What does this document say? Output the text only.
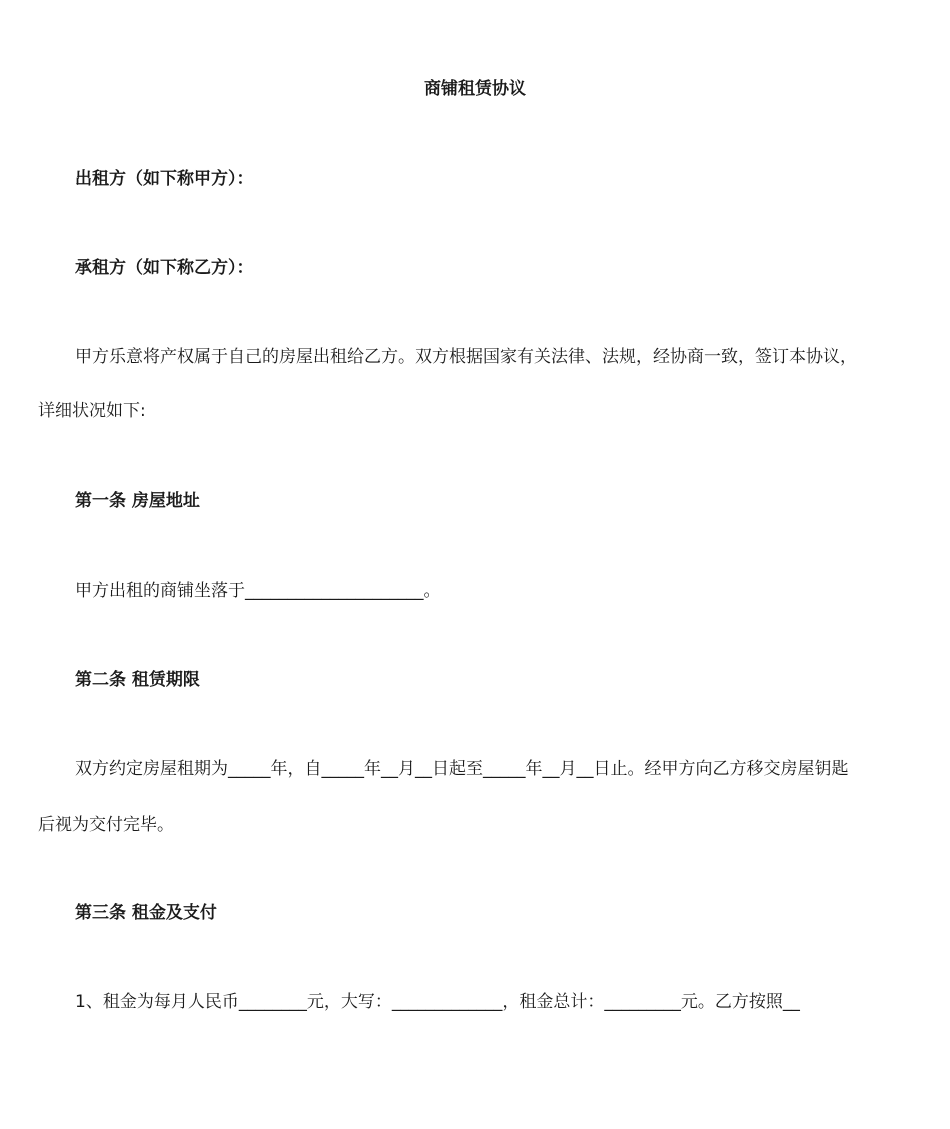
商铺租赁协议
出租方（如下称甲方）：
承租方（如下称乙方）：
甲方乐意将产权属于自己的房屋出租给乙方。双方根据国家有关法律、法规，经协商一致，签订本协议，
详细状况如下:
第一条 房屋地址
甲方出租的商铺坐落于_____________________。
第二条 租赁期限
双方约定房屋租期为_____年，自_____年__月__日起至_____年__月__日止。经甲方向乙方移交房屋钥匙
后视为交付完毕。
第三条 租金及支付
1、租金为每月人民币________元，大写：_____________，租金总计：_________元。乙方按照__
